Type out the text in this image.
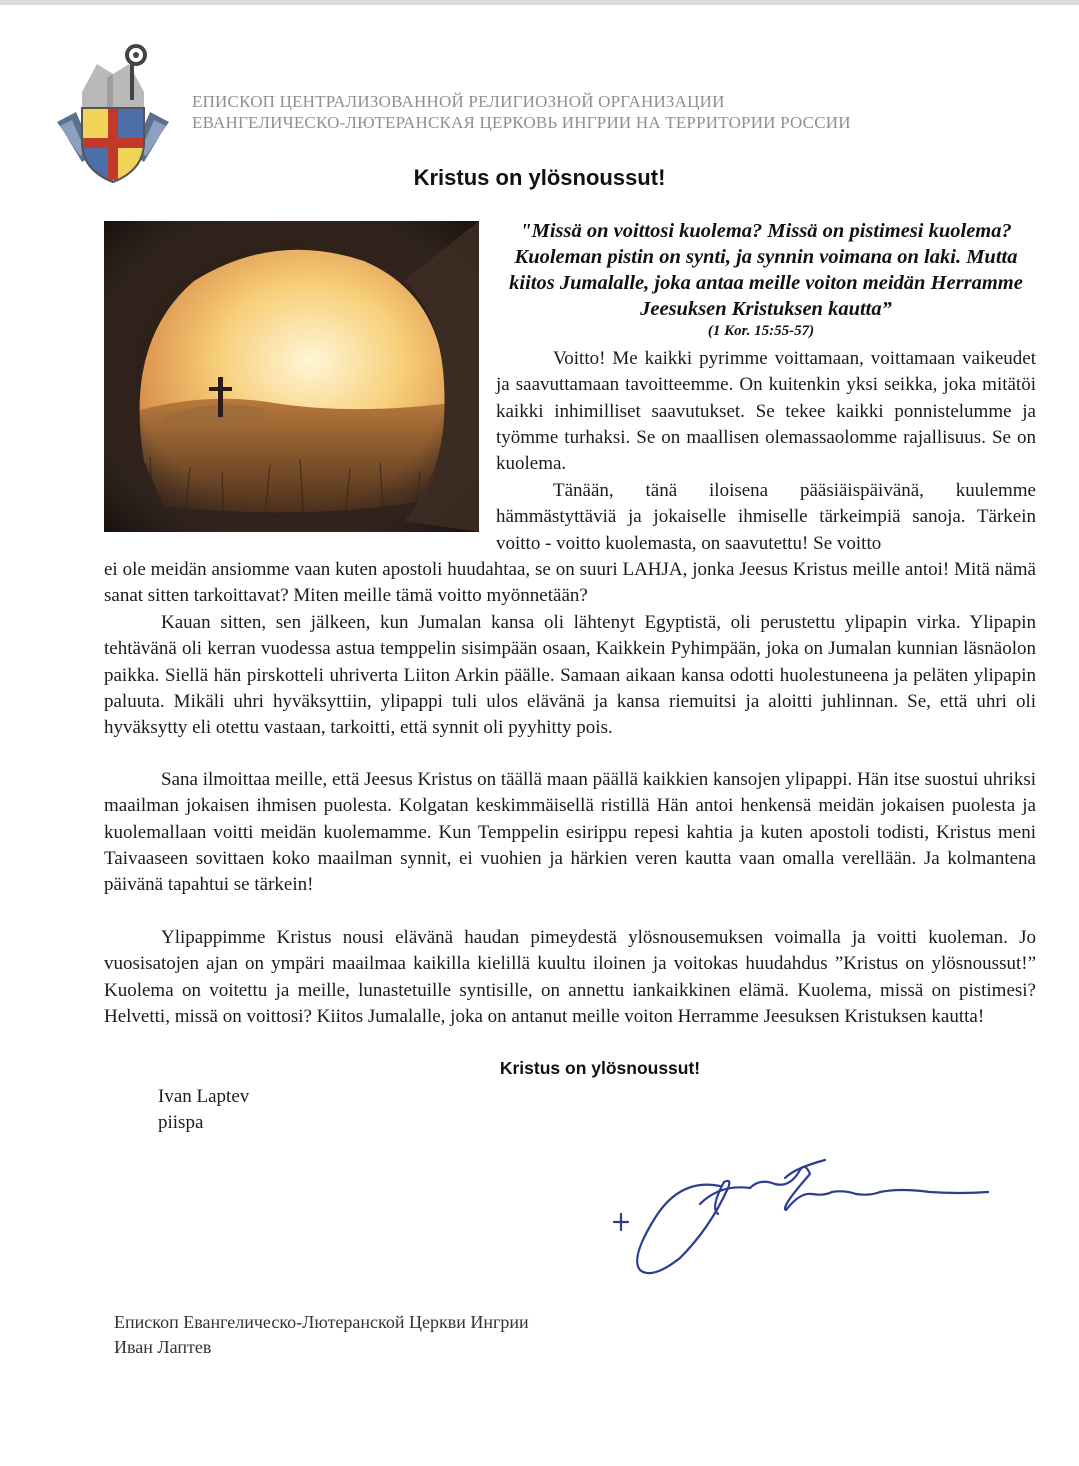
ЕПИСКОП ЦЕНТРАЛИЗОВАННОЙ РЕЛИГИОЗНОЙ ОРГАНИЗАЦИИ
ЕВАНГЕЛИЧЕСКО-ЛЮТЕРАНСКАЯ ЦЕРКОВЬ ИНГРИИ НА ТЕРРИТОРИИ РОССИИ
Kristus on ylösnoussut!
"Missä on voittosi kuolema? Missä on pistimesi kuolema? Kuoleman pistin on synti, ja synnin voimana on laki. Mutta kiitos Jumalalle, joka antaa meille voiton meidän Herramme Jeesuksen Kristuksen kautta”
(1 Kor. 15:55-57)
Voitto! Me kaikki pyrimme voittamaan, voittamaan vaikeudet ja saavuttamaan tavoitteemme. On kuitenkin yksi seikka, joka mitätöi kaikki inhimilliset saavutukset. Se tekee kaikki ponnistelumme ja työmme turhaksi. Se on maallisen olemassaolomme rajallisuus. Se on kuolema.
Tänään, tänä iloisena pääsiäispäivänä, kuulemme hämmästyttäviä ja jokaiselle ihmiselle tärkeimpiä sanoja. Tärkein voitto - voitto kuolemasta, on saavutettu! Se voitto
ei ole meidän ansiomme vaan kuten apostoli huudahtaa, se on suuri LAHJA, jonka Jeesus Kristus meille antoi! Mitä nämä sanat sitten tarkoittavat? Miten meille tämä voitto myönnetään?
Kauan sitten, sen jälkeen, kun Jumalan kansa oli lähtenyt Egyptistä, oli perustettu ylipapin virka. Ylipapin tehtävänä oli kerran vuodessa astua temppelin sisimpään osaan, Kaikkein Pyhimpään, joka on Jumalan kunnian läsnäolon paikka. Siellä hän pirskotteli uhriverta Liiton Arkin päälle. Samaan aikaan kansa odotti huolestuneena ja peläten ylipapin paluuta. Mikäli uhri hyväksyttiin, ylipappi tuli ulos elävänä ja kansa riemuitsi ja aloitti juhlinnan. Se, että uhri oli hyväksytty eli otettu vastaan, tarkoitti, että synnit oli pyyhitty pois.
Sana ilmoittaa meille, että Jeesus Kristus on täällä maan päällä kaikkien kansojen ylipappi. Hän itse suostui uhriksi maailman jokaisen ihmisen puolesta. Kolgatan keskimmäisellä ristillä Hän antoi henkensä meidän jokaisen puolesta ja kuolemallaan voitti meidän kuolemamme. Kun Temppelin esirippu repesi kahtia ja kuten apostoli todisti, Kristus meni Taivaaseen sovittaen koko maailman synnit, ei vuohien ja härkien veren kautta vaan omalla verellään. Ja kolmantena päivänä tapahtui se tärkein!
Ylipappimme Kristus nousi elävänä haudan pimeydestä ylösnousemuksen voimalla ja voitti kuoleman. Jo vuosisatojen ajan on ympäri maailmaa kaikilla kielillä kuultu iloinen ja voitokas huudahdus ”Kristus on ylösnoussut!” Kuolema on voitettu ja meille, lunastetuille syntisille, on annettu iankaikkinen elämä. Kuolema, missä on pistimesi? Helvetti, missä on voittosi? Kiitos Jumalalle, joka on antanut meille voiton Herramme Jeesuksen Kristuksen kautta!
Kristus on ylösnoussut!
Ivan Laptev
piispa
Епископ Евангелическо-Лютеранской Церкви Ингрии
Иван Лаптев
